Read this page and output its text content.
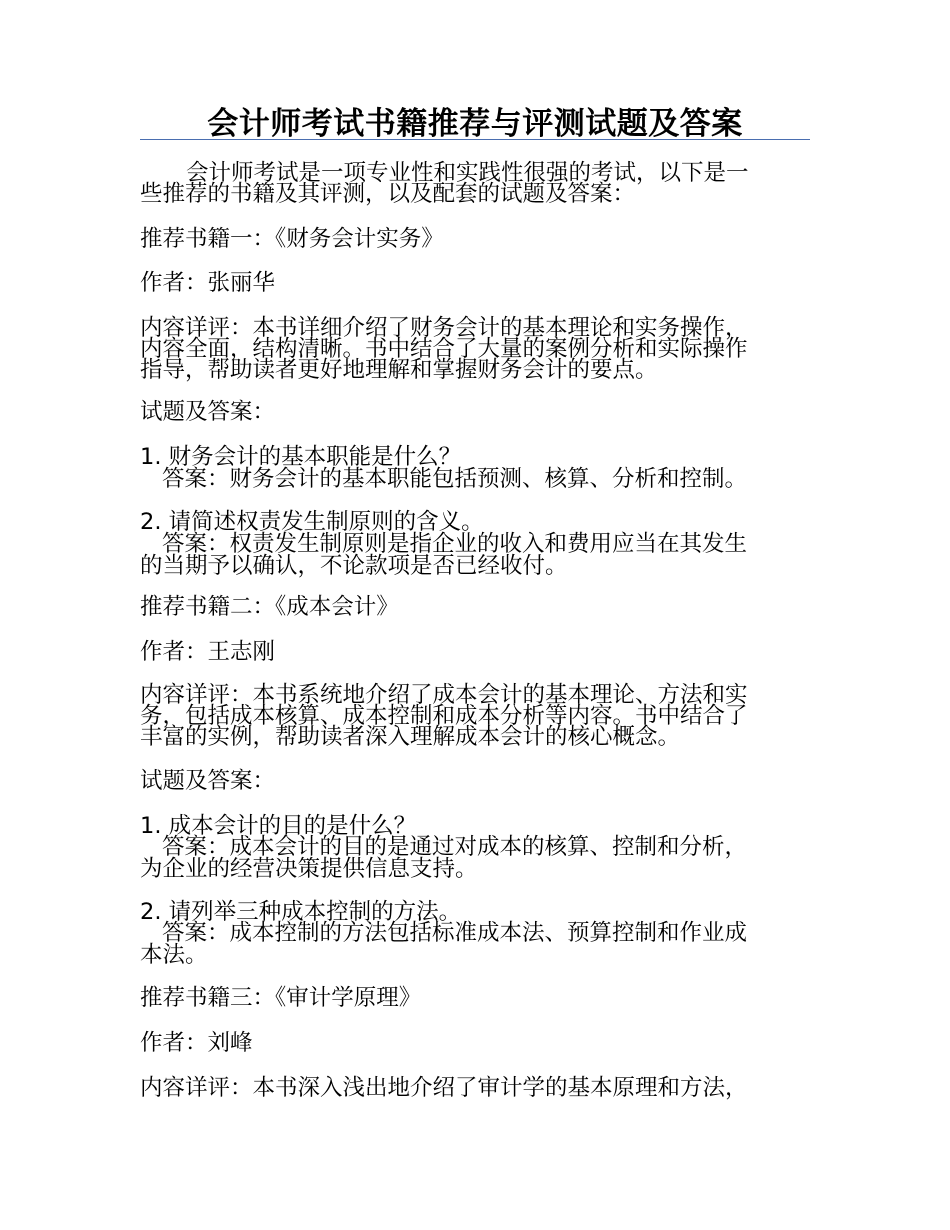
会计师考试书籍推荐与评测试题及答案
会计师考试是一项专业性和实践性很强的考试，以下是一
些推荐的书籍及其评测，以及配套的试题及答案：
推荐书籍一：《财务会计实务》
作者：张丽华
内容详评：本书详细介绍了财务会计的基本理论和实务操作，
内容全面，结构清晰。书中结合了大量的案例分析和实际操作
指导，帮助读者更好地理解和掌握财务会计的要点。
试题及答案：
1. 财务会计的基本职能是什么？
答案：财务会计的基本职能包括预测、核算、分析和控制。
2. 请简述权责发生制原则的含义。
答案：权责发生制原则是指企业的收入和费用应当在其发生
的当期予以确认，不论款项是否已经收付。
推荐书籍二：《成本会计》
作者：王志刚
内容详评：本书系统地介绍了成本会计的基本理论、方法和实
务，包括成本核算、成本控制和成本分析等内容。书中结合了
丰富的实例，帮助读者深入理解成本会计的核心概念。
试题及答案：
1. 成本会计的目的是什么？
答案：成本会计的目的是通过对成本的核算、控制和分析，
为企业的经营决策提供信息支持。
2. 请列举三种成本控制的方法。
答案：成本控制的方法包括标准成本法、预算控制和作业成
本法。
推荐书籍三：《审计学原理》
作者：刘峰
内容详评：本书深入浅出地介绍了审计学的基本原理和方法，
